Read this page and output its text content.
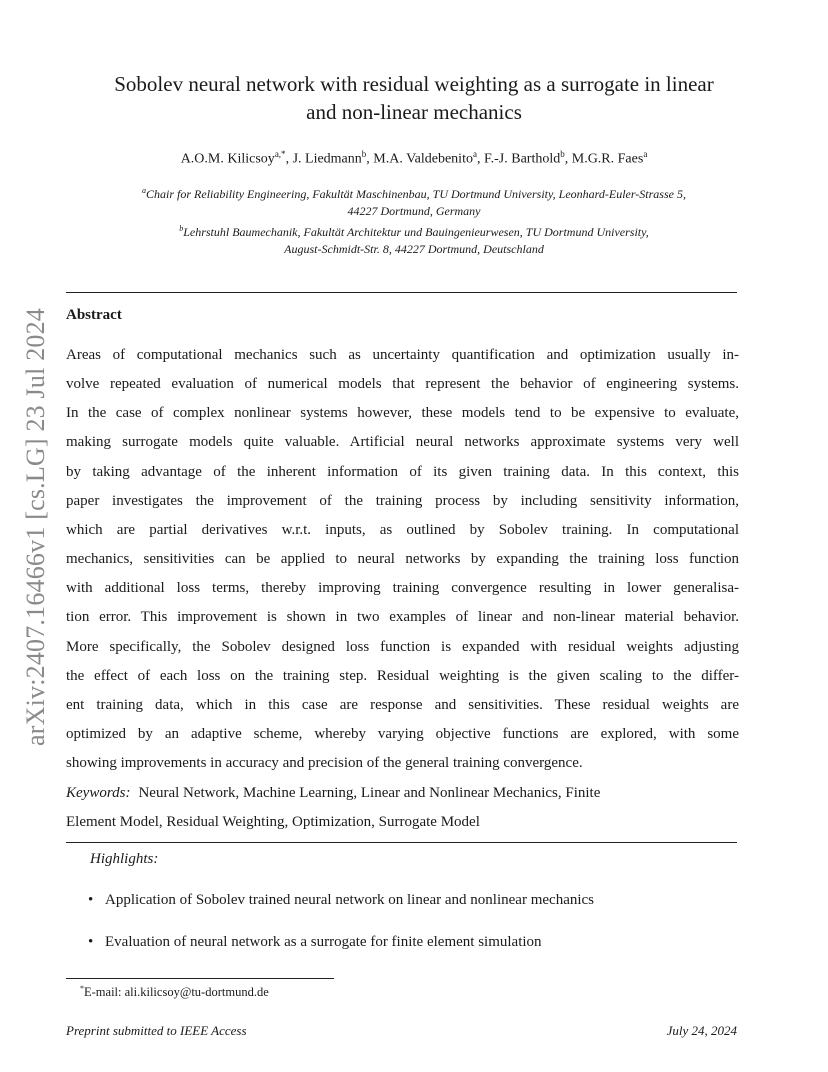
arXiv:2407.16466v1 [cs.LG] 23 Jul 2024
Sobolev neural network with residual weighting as a surrogate in linear
and non-linear mechanics
A.O.M. Kilicsoy$^{a,*}$, J. Liedmann$^b$, M.A. Valdebenito$^a$, F.-J. Barthold$^b$, M.G.R. Faes$^a$
$^a$Chair for Reliability Engineering, Fakultät Maschinenbau, TU Dortmund University, Leonhard-Euler-Strasse 5,
44227 Dortmund, Germany
$^b$Lehrstuhl Baumechanik, Fakultät Architektur und Bauingenieurwesen, TU Dortmund University,
August-Schmidt-Str. 8, 44227 Dortmund, Deutschland
Abstract
Areas of computational mechanics such as uncertainty quantification and optimization usually in-
volve repeated evaluation of numerical models that represent the behavior of engineering systems.
In the case of complex nonlinear systems however, these models tend to be expensive to evaluate,
making surrogate models quite valuable. Artificial neural networks approximate systems very well
by taking advantage of the inherent information of its given training data. In this context, this
paper investigates the improvement of the training process by including sensitivity information,
which are partial derivatives w.r.t. inputs, as outlined by Sobolev training. In computational
mechanics, sensitivities can be applied to neural networks by expanding the training loss function
with additional loss terms, thereby improving training convergence resulting in lower generalisa-
tion error. This improvement is shown in two examples of linear and non-linear material behavior.
More specifically, the Sobolev designed loss function is expanded with residual weights adjusting
the effect of each loss on the training step. Residual weighting is the given scaling to the differ-
ent training data, which in this case are response and sensitivities. These residual weights are
optimized by an adaptive scheme, whereby varying objective functions are explored, with some
showing improvements in accuracy and precision of the general training convergence.
Keywords: Neural Network, Machine Learning, Linear and Nonlinear Mechanics, Finite
Element Model, Residual Weighting, Optimization, Surrogate Model
Highlights:
• Application of Sobolev trained neural network on linear and nonlinear mechanics
• Evaluation of neural network as a surrogate for finite element simulation
*E-mail: ali.kilicsoy@tu-dortmund.de
Preprint submitted to IEEE Access	July 24, 2024
